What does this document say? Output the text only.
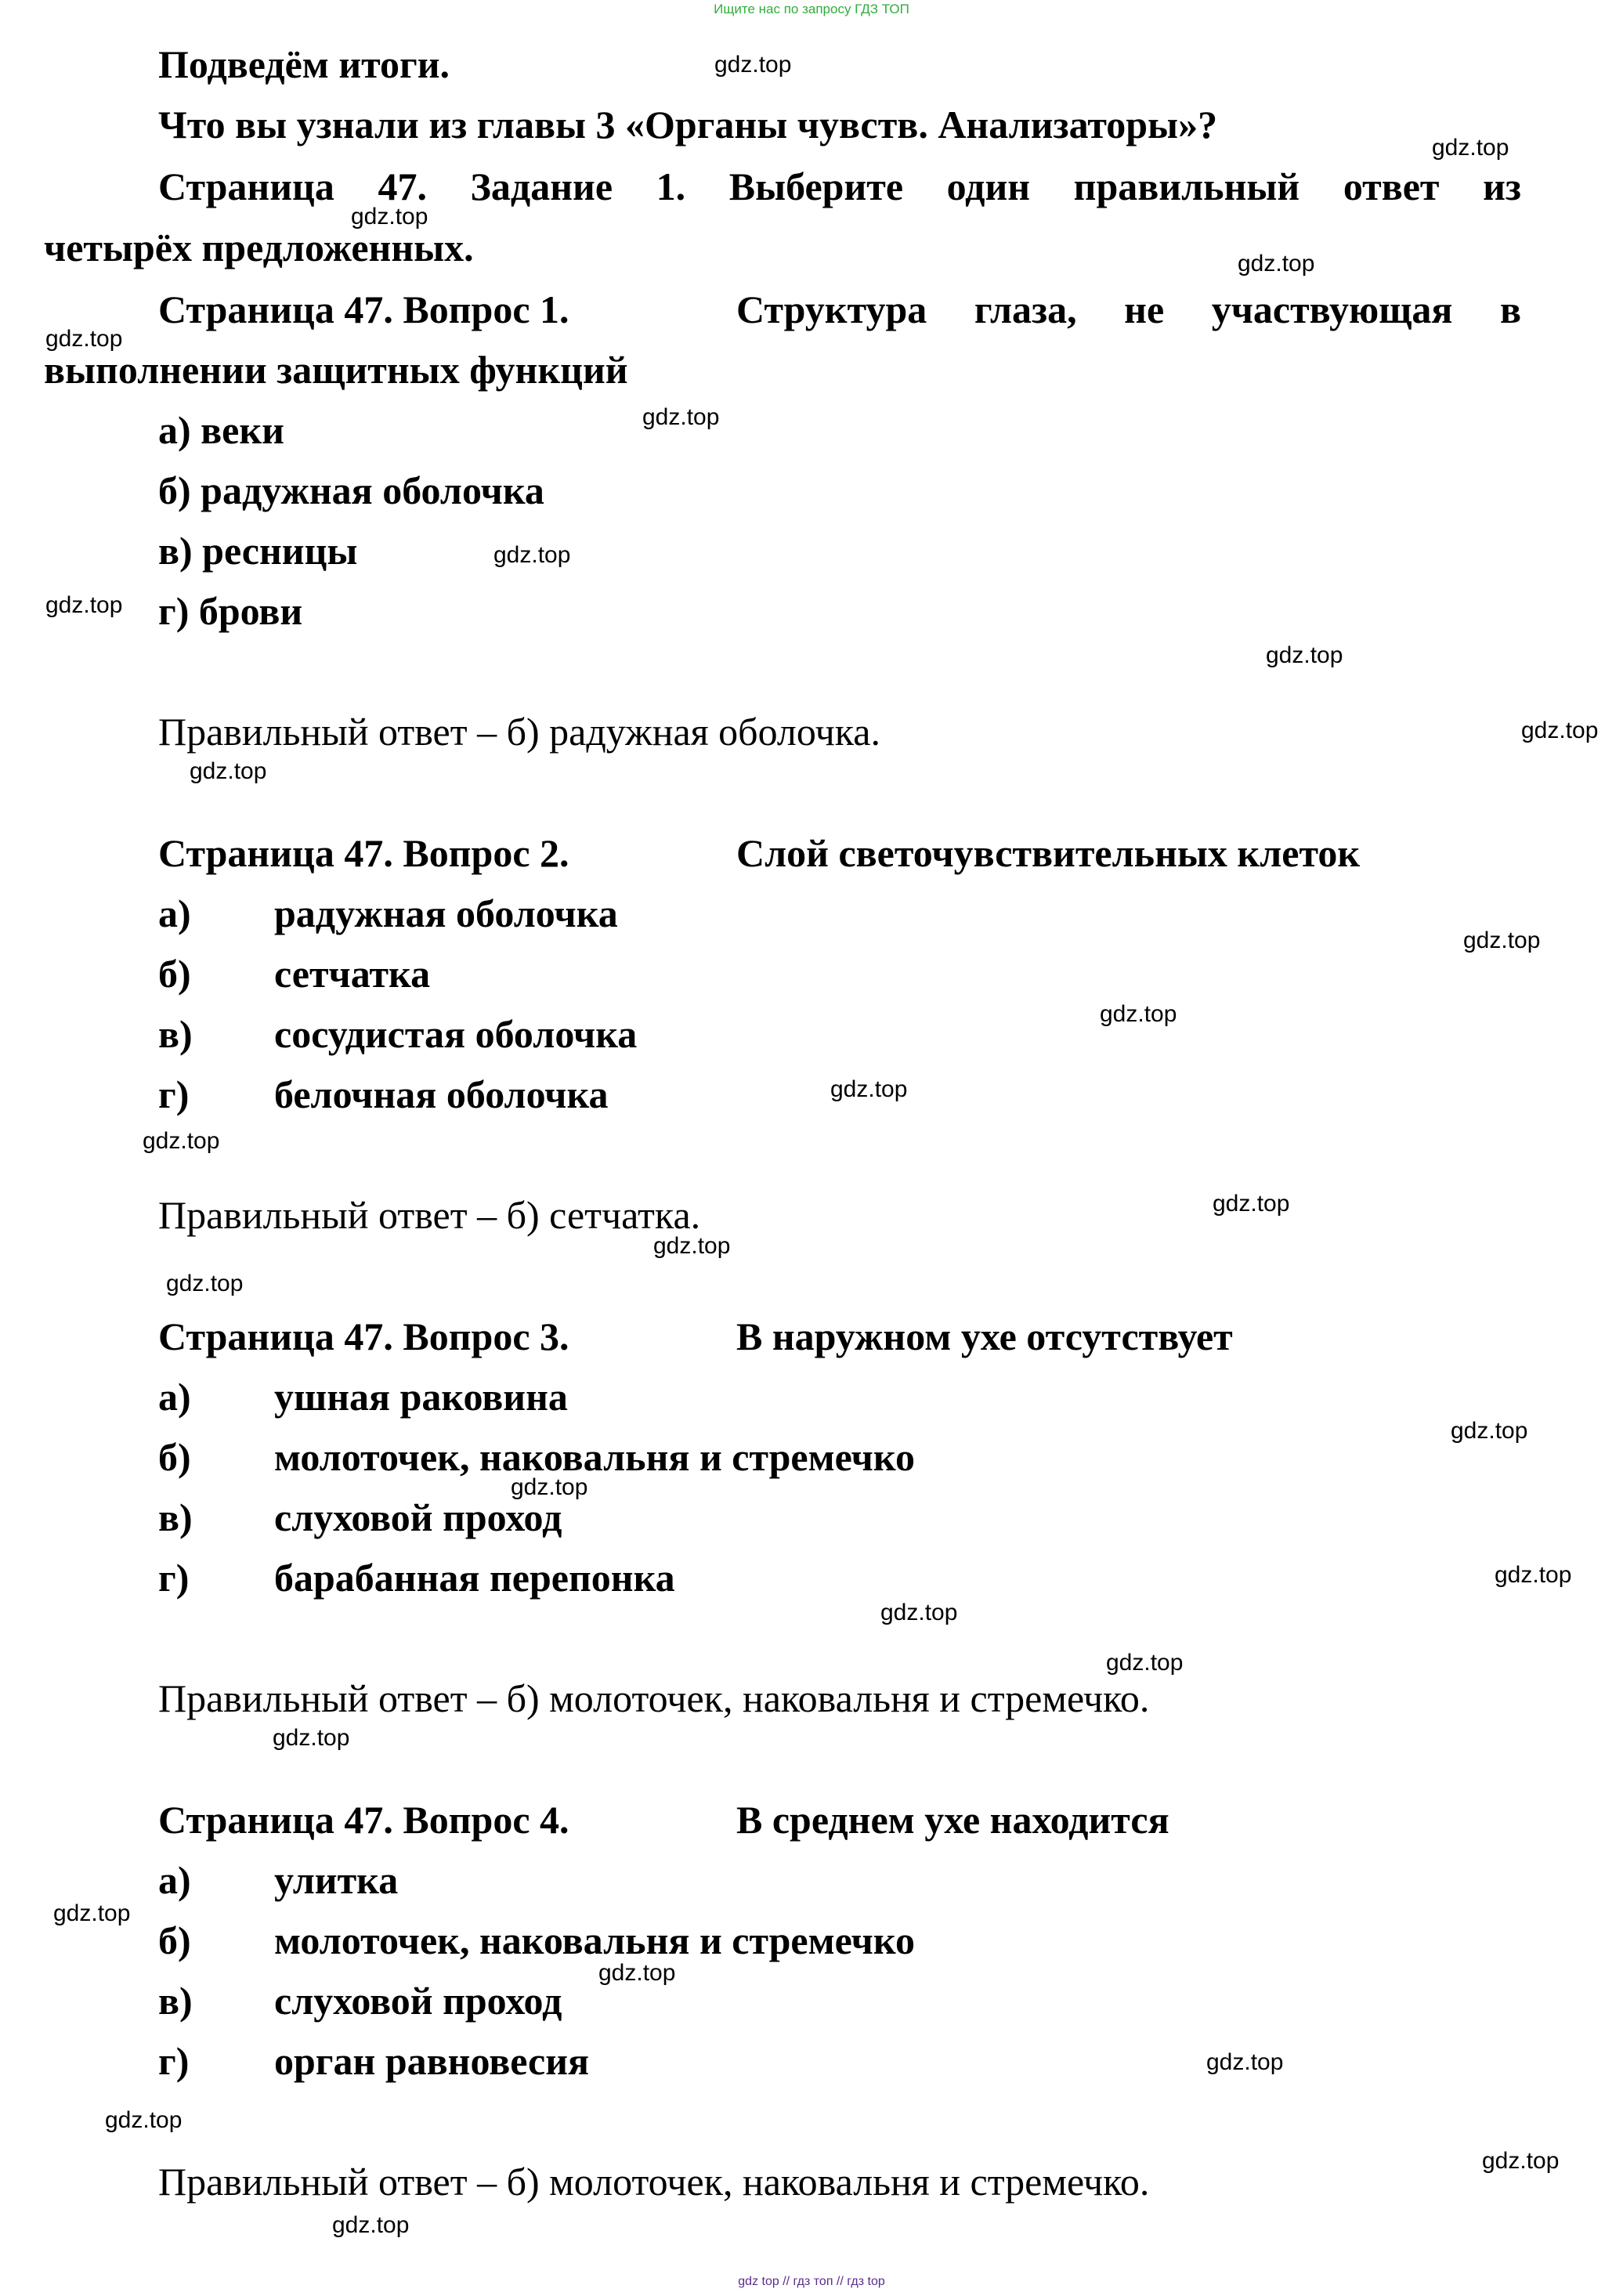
Ищите нас по запросу ГДЗ ТОП
Подведём итоги.
Что вы узнали из главы 3 «Органы чувств. Анализаторы»?
Страница 47. Задание 1. Выберите один правильный ответ из
четырёх предложенных.
Страница 47. Вопрос 1.	Структура глаза, не участвующая в
выполнении защитных функций
а) веки
б) радужная оболочка
в) ресницы
г) брови
Правильный ответ – б) радужная оболочка.
Страница 47. Вопрос 2.	Слой светочувствительных клеток
а) радужная оболочка
б) сетчатка
в) сосудистая оболочка
г) белочная оболочка
Правильный ответ – б) сетчатка.
Страница 47. Вопрос 3.	В наружном ухе отсутствует
а) ушная раковина
б) молоточек, наковальня и стремечко
в) слуховой проход
г) барабанная перепонка
Правильный ответ – б) молоточек, наковальня и стремечко.
Страница 47. Вопрос 4.	В среднем ухе находится
а) улитка
б) молоточек, наковальня и стремечко
в) слуховой проход
г) орган равновесия
Правильный ответ – б) молоточек, наковальня и стремечко.
gdz.top
gdz.top
gdz.top
gdz.top
gdz.top
gdz.top
gdz.top
gdz.top
gdz.top
gdz.top
gdz.top
gdz.top
gdz.top
gdz.top
gdz.top
gdz.top
gdz.top
gdz.top
gdz.top
gdz.top
gdz.top
gdz.top
gdz.top
gdz.top
gdz.top
gdz.top
gdz.top
gdz.top
gdz.top
gdz.top
gdz top // гдз топ // гдз top
